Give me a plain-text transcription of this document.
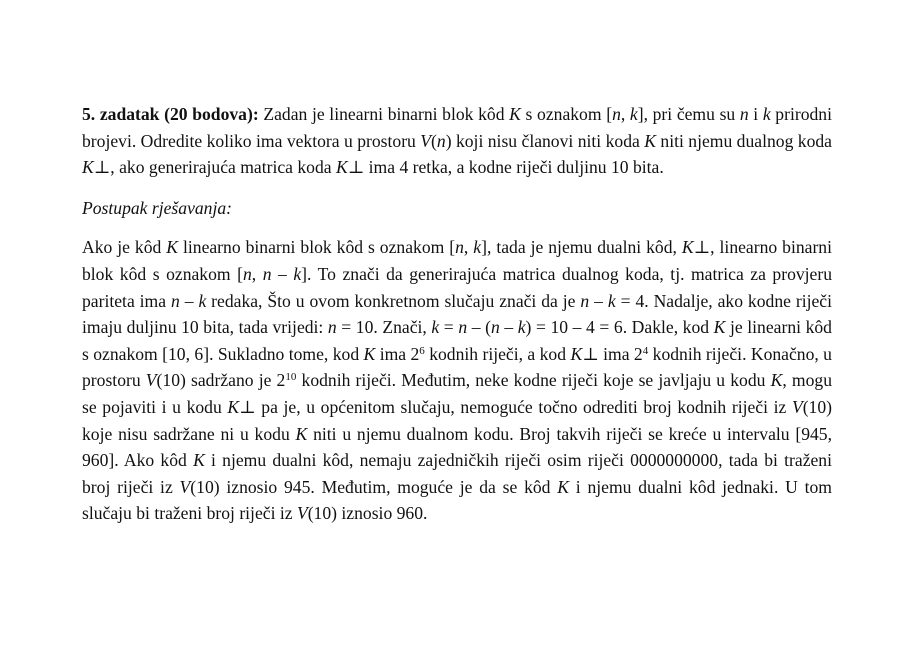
5. zadatak (20 bodova): Zadan je linearni binarni blok kôd K s oznakom [n, k], pri čemu su n i k prirodni brojevi. Odredite koliko ima vektora u prostoru V(n) koji nisu članovi niti koda K niti njemu dualnog koda K⊥, ako generirajuća matrica koda K⊥ ima 4 retka, a kodne riječi duljinu 10 bita.

Postupak rješavanja:

Ako je kôd K linearno binarni blok kôd s oznakom [n, k], tada je njemu dualni kôd, K⊥, linearno binarni blok kôd s oznakom [n, n – k]. To znači da generirajuća matrica dualnog koda, tj. matrica za provjeru pariteta ima n – k redaka, Što u ovom konkretnom slučaju znači da je n – k = 4. Nadalje, ako kodne riječi imaju duljinu 10 bita, tada vrijedi: n = 10. Znači, k = n – (n – k) = 10 – 4 = 6. Dakle, kod K je linearni kôd s oznakom [10, 6]. Sukladno tome, kod K ima $2^6$ kodnih riječi, a kod K⊥ ima $2^4$ kodnih riječi. Konačno, u prostoru V(10) sadržano je $2^{10}$ kodnih riječi. Međutim, neke kodne riječi koje se javljaju u kodu K, mogu se pojaviti i u kodu K⊥ pa je, u općenitom slučaju, nemoguće točno odrediti broj kodnih riječi iz V(10) koje nisu sadržane ni u kodu K niti u njemu dualnom kodu. Broj takvih riječi se kreće u intervalu [945, 960]. Ako kôd K i njemu dualni kôd, nemaju zajedničkih riječi osim riječi 0000000000, tada bi traženi broj riječi iz V(10) iznosio 945. Međutim, moguće je da se kôd K i njemu dualni kôd jednaki. U tom slučaju bi traženi broj riječi iz V(10) iznosio 960.
